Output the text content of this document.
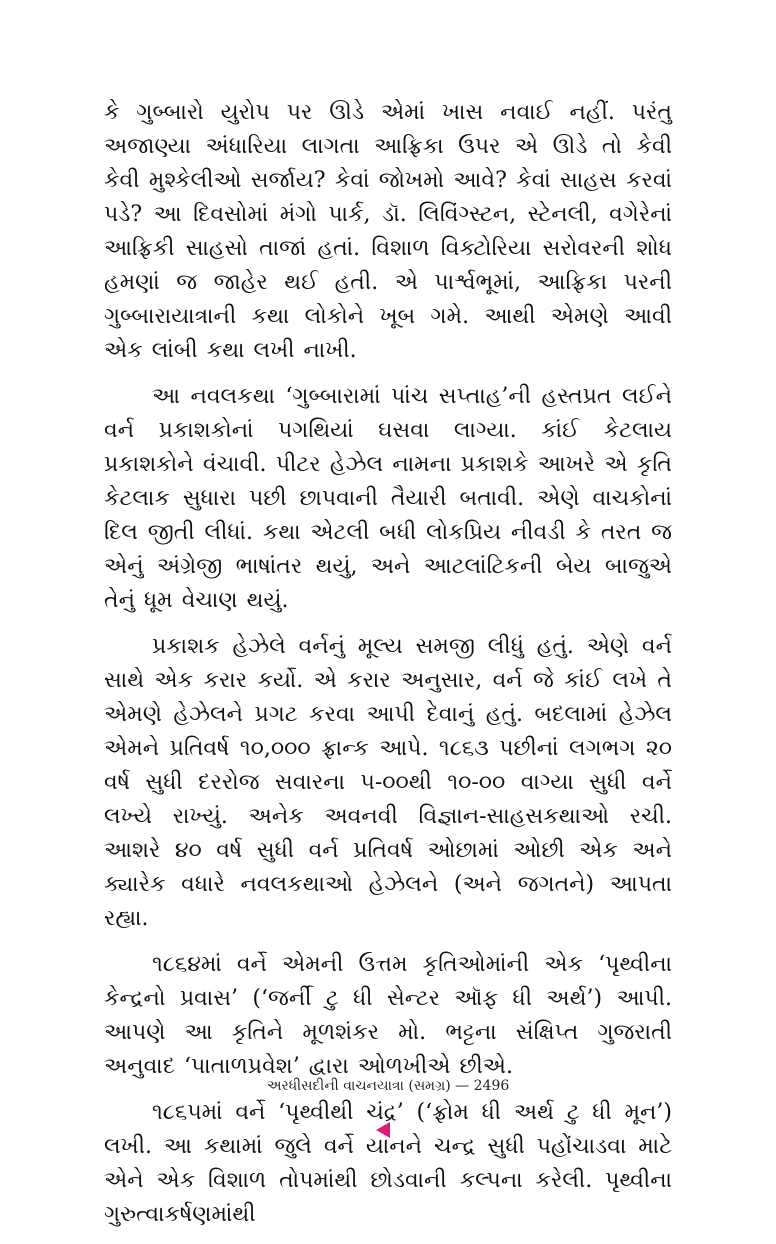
કે ગુબ્બારો યુરોપ પર ઊડે એમાં ખાસ નવાઈ નહીં. પરંતુ અજાણ્યા અંધારિયા લાગતા આફ્રિકા ઉપર એ ઊડે તો કેવી કેવી મુશ્કેલીઓ સર્જાય? કેવાં જોખમો આવે? કેવાં સાહસ કરવાં પડે? આ દિવસોમાં મંગો પાર્ક, ડૉ. લિવિંગ્સ્ટન, સ્ટેનલી, વગેરેનાં આફ્રિકી સાહસો તાજાં હતાં. વિશાળ વિક્ટોરિયા સરોવરની શોધ હમણાં જ જાહેર થઈ હતી. એ પાર્શ્વભૂમાં, આફ્રિકા પરની ગુબ્બારાયાત્રાની કથા લોકોને ખૂબ ગમે. આથી એમણે આવી એક લાંબી કથા લખી નાખી.

આ નવલકથા ‘ગુબ્બારામાં પાંચ સપ્તાહ’ની હસ્તપ્રત લઈને વર્ન પ્રકાશકોનાં પગથિયાં ઘસવા લાગ્યા. કાંઈ કેટલાય પ્રકાશકોને વંચાવી. પીટર હેઝેલ નામના પ્રકાશકે આખરે એ કૃતિ કેટલાક સુધારા પછી છાપવાની તૈયારી બતાવી. એણે વાચકોનાં દિલ જીતી લીધાં. કથા એટલી બધી લોકપ્રિય નીવડી કે તરત જ એનું અંગ્રેજી ભાષાંતર થયું, અને આટલાંટિકની બેય બાજુએ તેનું ધૂમ વેચાણ થયું.

પ્રકાશક હેઝેલે વર્નનું મૂલ્ય સમજી લીધું હતું. એણે વર્ન સાથે એક કરાર કર્યો. એ કરાર અનુસાર, વર્ન જે કાંઈ લખે તે એમણે હેઝેલને પ્રગટ કરવા આપી દેવાનું હતું. બદલામાં હેઝેલ એમને પ્રતિવર્ષ ૧૦,૦૦૦ ફ્રાન્ક આપે. ૧૮૬૩ પછીનાં લગભગ ૨૦ વર્ષ સુધી દરરોજ સવારના ૫-૦૦થી ૧૦-૦૦ વાગ્યા સુધી વર્ને લખ્યે રાખ્યું. અનેક અવનવી વિજ્ઞાન-સાહસકથાઓ રચી. આશરે ૪૦ વર્ષ સુધી વર્ન પ્રતિવર્ષ ઓછામાં ઓછી એક અને ક્યારેક વધારે નવલકથાઓ હેઝેલને (અને જગતને) આપતા રહ્યા.

૧૮૬૪માં વર્ને એમની ઉત્તમ કૃતિઓમાંની એક ‘પૃથ્વીના કેન્દ્રનો પ્રવાસ’ (‘જર્ની ટુ ધી સેન્ટર ઑફ ધી અર્થ’) આપી. આપણે આ કૃતિને મૂળશંકર મો. ભટ્ટના સંક્ષિપ્ત ગુજરાતી અનુવાદ ‘પાતાળપ્રવેશ’ દ્વારા ઓળખીએ છીએ.

૧૮૬૫માં વર્ને ‘પૃથ્વીથી ચંદ્ર’ (‘ફ્રોમ ધી અર્થ ટુ ધી મૂન’) લખી. આ કથામાં જુલે વર્ને યાનને ચન્દ્ર સુધી પહોંચાડવા માટે એને એક વિશાળ તોપમાંથી છોડવાની કલ્પના કરેલી. પૃથ્વીના ગુરુત્વાકર્ષણમાંથી

અરધીસદીની વાચનયાત્રા (સમગ્ર) — 2496
